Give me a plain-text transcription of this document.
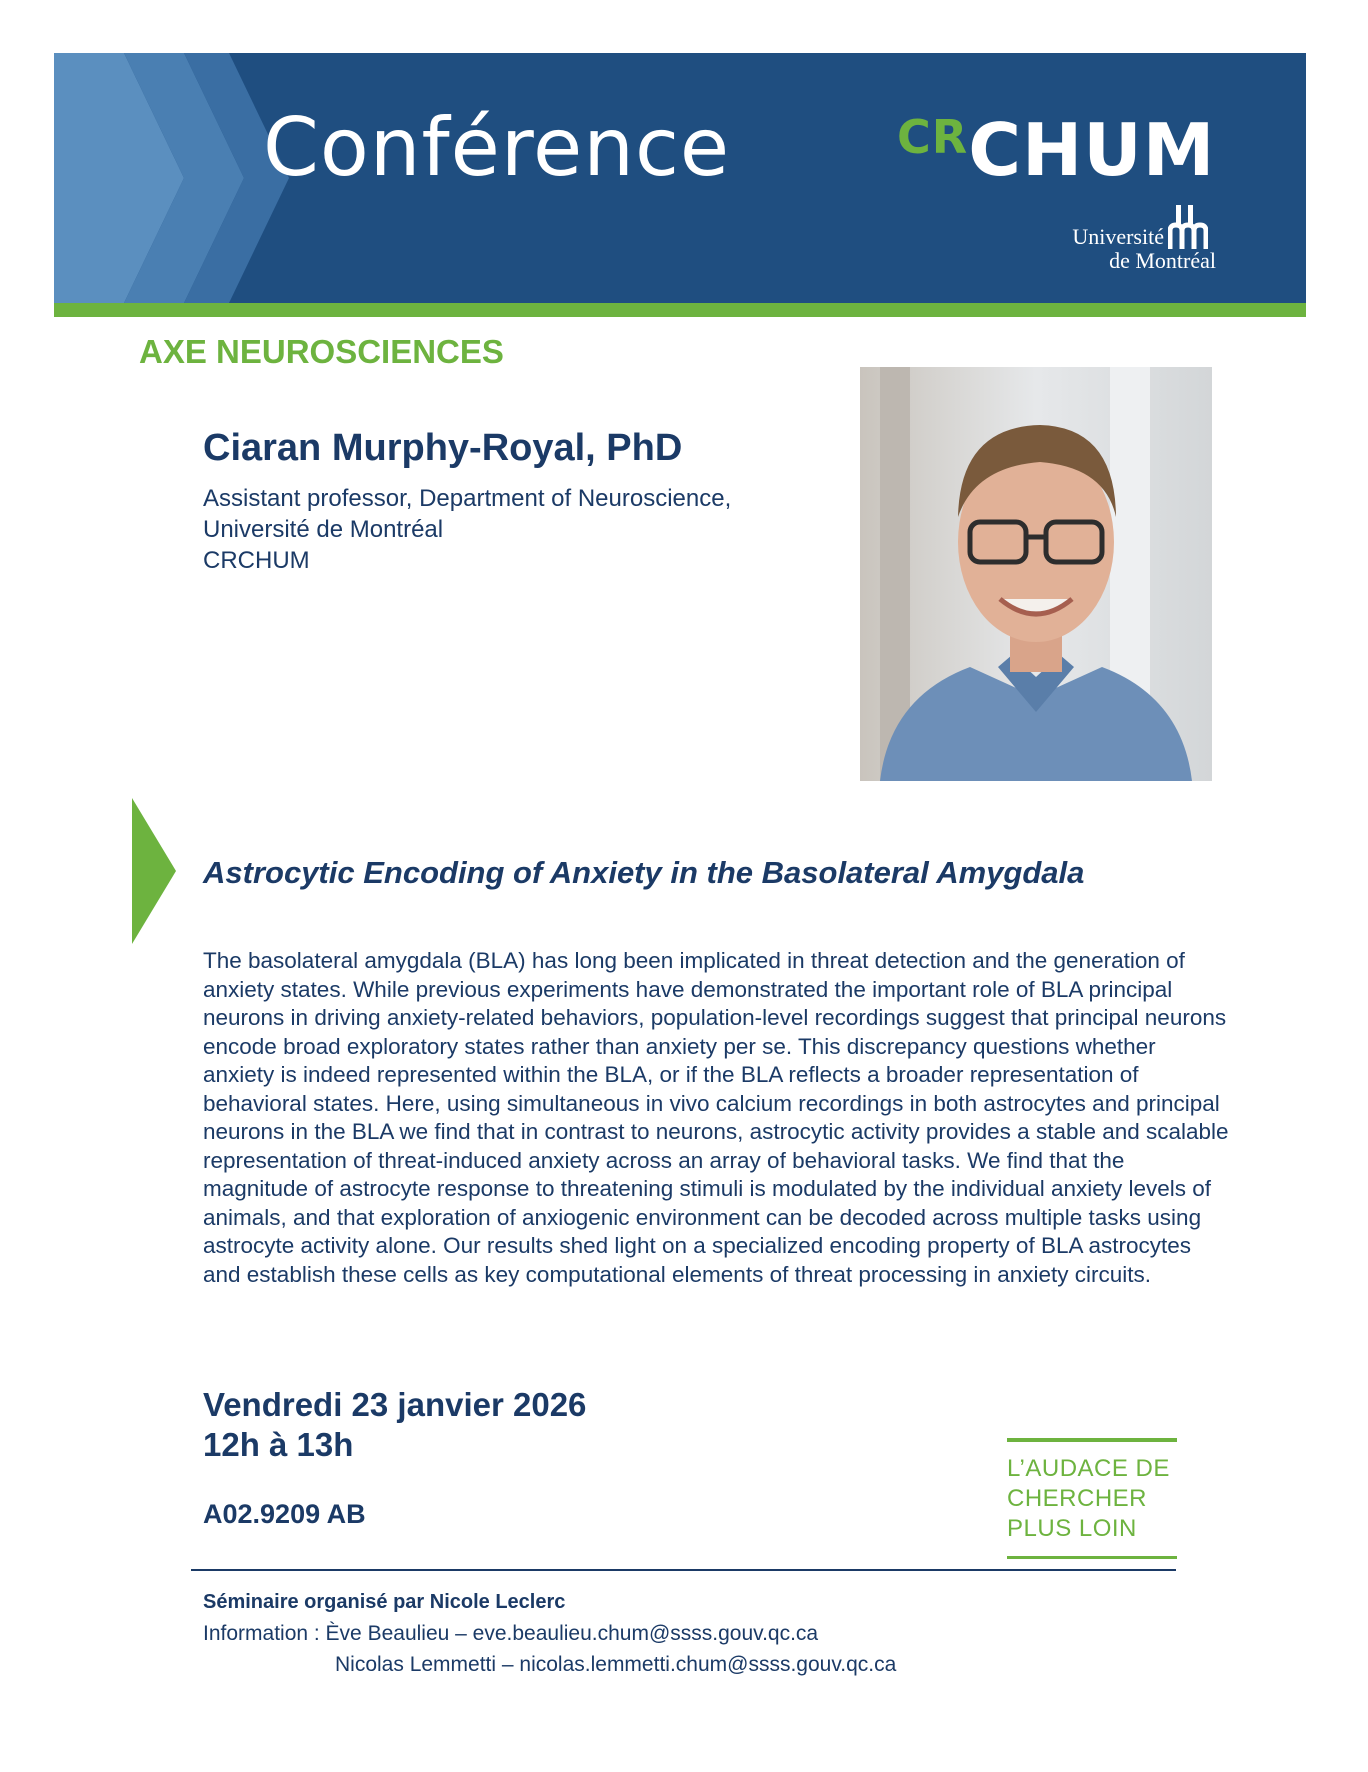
Conférence	CRCHUM
Université
de Montréal
AXE NEUROSCIENCES
Ciaran Murphy-Royal, PhD
Assistant professor, Department of Neuroscience,
Université de Montréal
CRCHUM
Astrocytic Encoding of Anxiety in the Basolateral Amygdala
The basolateral amygdala (BLA) has long been implicated in threat detection and the generation of anxiety states. While previous experiments have demonstrated the important role of BLA principal neurons in driving anxiety-related behaviors, population-level recordings suggest that principal neurons encode broad exploratory states rather than anxiety per se. This discrepancy questions whether anxiety is indeed represented within the BLA, or if the BLA reflects a broader representation of behavioral states. Here, using simultaneous in vivo calcium recordings in both astrocytes and principal neurons in the BLA we find that in contrast to neurons, astrocytic activity provides a stable and scalable representation of threat-induced anxiety across an array of behavioral tasks. We find that the magnitude of astrocyte response to threatening stimuli is modulated by the individual anxiety levels of animals, and that exploration of anxiogenic environment can be decoded across multiple tasks using astrocyte activity alone. Our results shed light on a specialized encoding property of BLA astrocytes and establish these cells as key computational elements of threat processing in anxiety circuits.
Vendredi 23 janvier 2026
12h à 13h
A02.9209 AB
L’AUDACE DE
CHERCHER
PLUS LOIN
Séminaire organisé par Nicole Leclerc
Information : Ève Beaulieu – eve.beaulieu.chum@ssss.gouv.qc.ca
Nicolas Lemmetti – nicolas.lemmetti.chum@ssss.gouv.qc.ca
